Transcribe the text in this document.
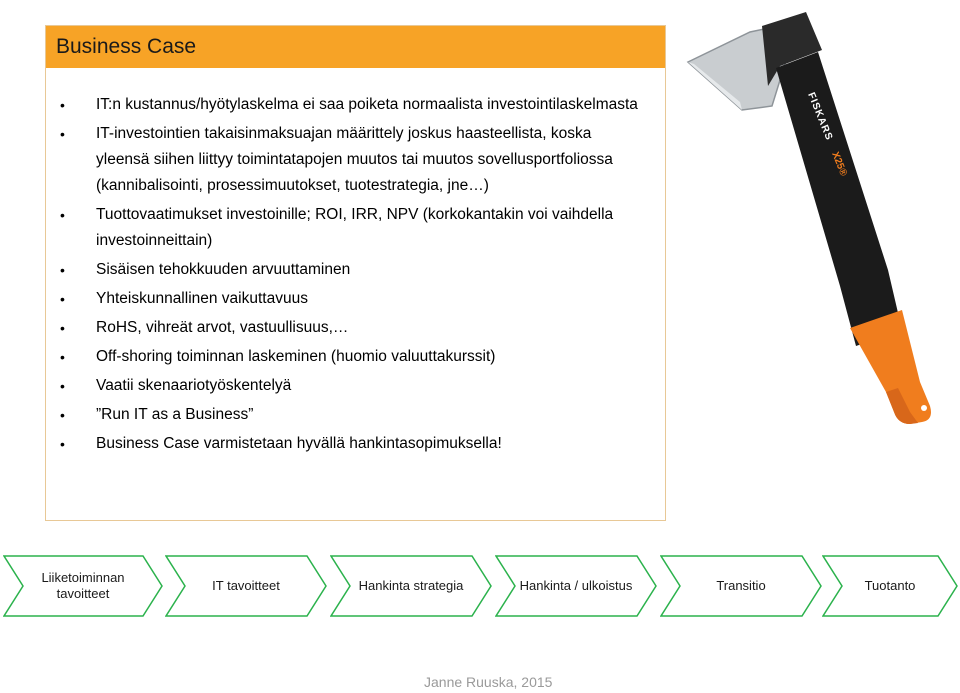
Business Case
• IT:n kustannus/hyötylaskelma ei saa poiketa normaalista investointilaskelmasta
• IT-investointien takaisinmaksuajan määrittely joskus haasteellista, koska yleensä siihen liittyy toimintatapojen muutos tai muutos sovellusportfoliossa (kannibalisointi, prosessimuutokset, tuotestrategia, jne…)
• Tuottovaatimukset investoinille; ROI, IRR, NPV (korkokantakin voi vaihdella investoinneittain)
• Sisäisen tehokkuuden arvuuttaminen
• Yhteiskunnallinen vaikuttavuus
• RoHS, vihreät arvot, vastuullisuus,…
• Off-shoring toiminnan laskeminen (huomio valuuttakurssit)
• Vaatii skenaariotyöskentelyä
• ”Run IT as a Business”
• Business Case varmistetaan hyvällä hankintasopimuksella!
FISKARS
X25®
Liiketoiminnan tavoitteet
IT tavoitteet	Hankinta strategia	Hankinta / ulkoistus	Transitio	Tuotanto
Janne Ruuska, 2015
